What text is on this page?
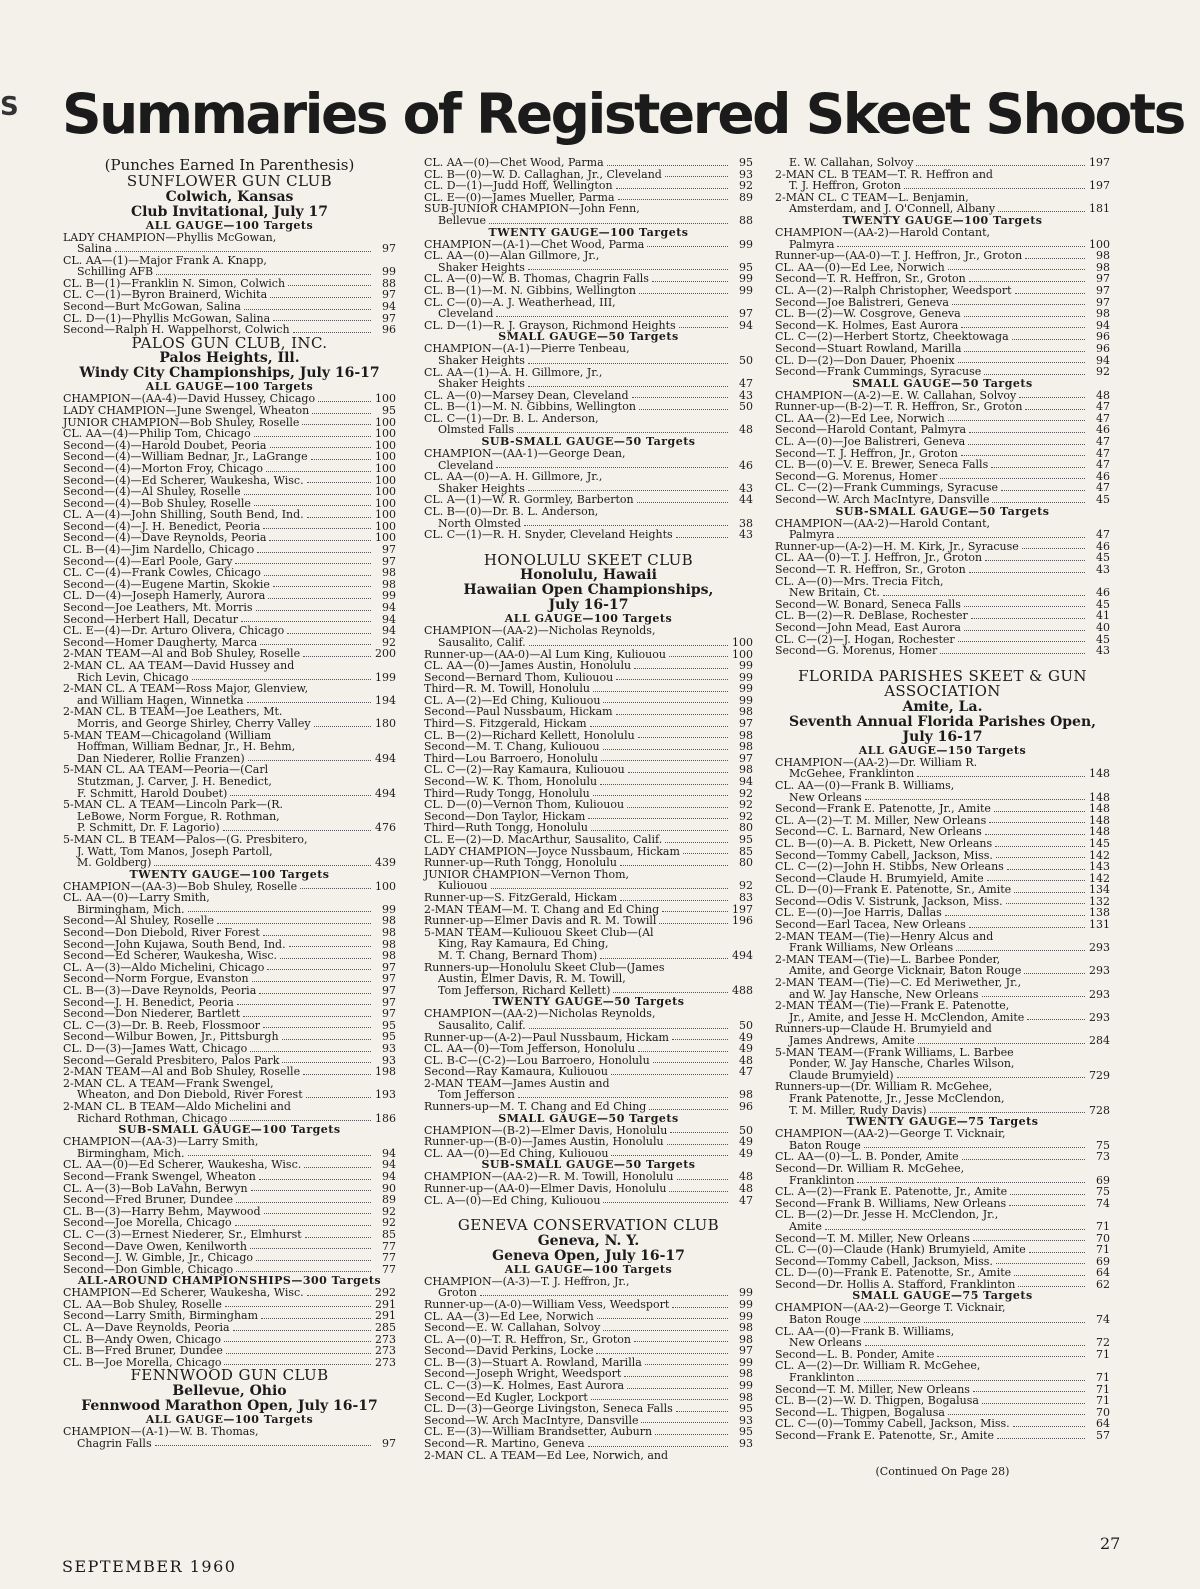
S Summaries of Registered Skeet Shoots
(Punches Earned In Parenthesis)
SUNFLOWER GUN CLUB
Colwich, Kansas
Club Invitational, July 17
ALL GAUGE—100 Targets
LADY CHAMPION—Phyllis McGowan,
Salina	97
CL. AA—(1)—Major Frank A. Knapp,
Schilling AFB	99
CL. B—(1)—Franklin N. Simon, Colwich	88
CL. C—(1)—Byron Brainerd, Wichita	97
Second—Burt McGowan, Salina	94
CL. D—(1)—Phyllis McGowan, Salina	97
Second—Ralph H. Wappelhorst, Colwich	96
PALOS GUN CLUB, INC.
Palos Heights, Ill.
Windy City Championships, July 16-17
ALL GAUGE—100 Targets
CHAMPION—(AA-4)—David Hussey, Chicago	100
LADY CHAMPION—June Swengel, Wheaton	95
JUNIOR CHAMPION—Bob Shuley, Roselle	100
CL. AA—(4)—Philip Tom, Chicago	100
Second—(4)—Harold Doubet, Peoria	100
Second—(4)—William Bednar, Jr., LaGrange	100
Second—(4)—Morton Froy, Chicago	100
Second—(4)—Ed Scherer, Waukesha, Wisc.	100
Second—(4)—Al Shuley, Roselle	100
Second—(4)—Bob Shuley, Roselle	100
CL. A—(4)—John Shilling, South Bend, Ind.	100
Second—(4)—J. H. Benedict, Peoria	100
Second—(4)—Dave Reynolds, Peoria	100
CL. B—(4)—Jim Nardello, Chicago	97
Second—(4)—Earl Poole, Gary	97
CL. C—(4)—Frank Cowles, Chicago	98
Second—(4)—Eugene Martin, Skokie	98
CL. D—(4)—Joseph Hamerly, Aurora	99
Second—Joe Leathers, Mt. Morris	94
Second—Herbert Hall, Decatur	94
CL. E—(4)—Dr. Arturo Olivera, Chicago	94
Second—Homer Daugherty, Marca	92
2-MAN TEAM—Al and Bob Shuley, Roselle	200
2-MAN CL. AA TEAM—David Hussey and
Rich Levin, Chicago	199
2-MAN CL. A TEAM—Ross Major, Glenview,
and William Hagen, Winnetka	194
2-MAN CL. B TEAM—Joe Leathers, Mt.
Morris, and George Shirley, Cherry Valley	180
5-MAN TEAM—Chicagoland (William
Hoffman, William Bednar, Jr., H. Behm,
Dan Niederer, Rollie Franzen)	494
5-MAN CL. AA TEAM—Peoria—(Carl
Stutzman, J. Carver, J. H. Benedict,
F. Schmitt, Harold Doubet)	494
5-MAN CL. A TEAM—Lincoln Park—(R.
LeBowe, Norm Forgue, R. Rothman,
P. Schmitt, Dr. F. Lagorio)	476
5-MAN CL. B TEAM—Palos—(G. Presbitero,
J. Watt, Tom Manos, Joseph Partoll,
M. Goldberg)	439
TWENTY GAUGE—100 Targets
CHAMPION—(AA-3)—Bob Shuley, Roselle	100
CL. AA—(0)—Larry Smith,
Birmingham, Mich.	99
Second—Al Shuley, Roselle	98
Second—Don Diebold, River Forest	98
Second—John Kujawa, South Bend, Ind.	98
Second—Ed Scherer, Waukesha, Wisc.	98
CL. A—(3)—Aldo Michelini, Chicago	97
Second—Norm Forgue, Evanston	97
CL. B—(3)—Dave Reynolds, Peoria	97
Second—J. H. Benedict, Peoria	97
Second—Don Niederer, Bartlett	97
CL. C—(3)—Dr. B. Reeb, Flossmoor	95
Second—Wilbur Bowen, Jr., Pittsburgh	95
CL. D—(3)—James Watt, Chicago	93
Second—Gerald Presbitero, Palos Park	93
2-MAN TEAM—Al and Bob Shuley, Roselle	198
2-MAN CL. A TEAM—Frank Swengel,
Wheaton, and Don Diebold, River Forest	193
2-MAN CL. B TEAM—Aldo Michelini and
Richard Rothman, Chicago	186
SUB-SMALL GAUGE—100 Targets
CHAMPION—(AA-3)—Larry Smith,
Birmingham, Mich.	94
CL. AA—(0)—Ed Scherer, Waukesha, Wisc.	94
Second—Frank Swengel, Wheaton	94
CL. A—(3)—Bob LaVahn, Berwyn	90
Second—Fred Bruner, Dundee	89
CL. B—(3)—Harry Behm, Maywood	92
Second—Joe Morella, Chicago	92
CL. C—(3)—Ernest Niederer, Sr., Elmhurst	85
Second—Dave Owen, Kenilworth	77
Second—J. W. Gimble, Jr., Chicago	77
Second—Don Gimble, Chicago	77
ALL-AROUND CHAMPIONSHIPS—300 Targets
CHAMPION—Ed Scherer, Waukesha, Wisc.	292
CL. AA—Bob Shuley, Roselle	291
Second—Larry Smith, Birmingham	291
CL. A—Dave Reynolds, Peoria	285
CL. B—Andy Owen, Chicago	273
CL. B—Fred Bruner, Dundee	273
CL. B—Joe Morella, Chicago	273
FENNWOOD GUN CLUB
Bellevue, Ohio
Fennwood Marathon Open, July 16-17
ALL GAUGE—100 Targets
CHAMPION—(A-1)—W. B. Thomas,
Chagrin Falls	97
CL. AA—(0)—Chet Wood, Parma	95
CL. B—(0)—W. D. Callaghan, Jr., Cleveland	93
CL. D—(1)—Judd Hoff, Wellington	92
CL. E—(0)—James Mueller, Parma	89
SUB-JUNIOR CHAMPION—John Fenn,
Bellevue	88
TWENTY GAUGE—100 Targets
CHAMPION—(A-1)—Chet Wood, Parma	99
CL. AA—(0)—Alan Gillmore, Jr.,
Shaker Heights	95
CL. A—(0)—W. B. Thomas, Chagrin Falls	99
CL. B—(1)—M. N. Gibbins, Wellington	99
CL. C—(0)—A. J. Weatherhead, III,
Cleveland	97
CL. D—(1)—R. J. Grayson, Richmond Heights	94
SMALL GAUGE—50 Targets
CHAMPION—(A-1)—Pierre Tenbeau,
Shaker Heights	50
CL. AA—(1)—A. H. Gillmore, Jr.,
Shaker Heights	47
CL. A—(0)—Marsey Dean, Cleveland	43
CL. B—(1)—M. N. Gibbins, Wellington	50
CL. C—(1)—Dr. B. L. Anderson,
Olmsted Falls	48
SUB-SMALL GAUGE—50 Targets
CHAMPION—(AA-1)—George Dean,
Cleveland	46
CL. AA—(0)—A. H. Gillmore, Jr.,
Shaker Heights	43
CL. A—(1)—W. R. Gormley, Barberton	44
CL. B—(0)—Dr. B. L. Anderson,
North Olmsted	38
CL. C—(1)—R. H. Snyder, Cleveland Heights	43
HONOLULU SKEET CLUB
Honolulu, Hawaii
Hawaiian Open Championships,
July 16-17
ALL GAUGE—100 Targets
CHAMPION—(AA-2)—Nicholas Reynolds,
Sausalito, Calif.	100
Runner-up—(AA-0)—Al Lum King, Kuliouou	100
CL. AA—(0)—James Austin, Honolulu	99
Second—Bernard Thom, Kuliouou	99
Third—R. M. Towill, Honolulu	99
CL. A—(2)—Ed Ching, Kuliouou	99
Second—Paul Nussbaum, Hickam	98
Third—S. Fitzgerald, Hickam	97
CL. B—(2)—Richard Kellett, Honolulu	98
Second—M. T. Chang, Kuliouou	98
Third—Lou Barroero, Honolulu	97
CL. C—(2)—Ray Kamaura, Kuliouou	98
Second—W. K. Thom, Honolulu	94
Third—Rudy Tongg, Honolulu	92
CL. D—(0)—Vernon Thom, Kuliouou	92
Second—Don Taylor, Hickam	92
Third—Ruth Tongg, Honolulu	80
CL. E—(2)—D. MacArthur, Sausalito, Calif.	95
LADY CHAMPION—Joyce Nussbaum, Hickam	85
Runner-up—Ruth Tongg, Honolulu	80
JUNIOR CHAMPION—Vernon Thom,
Kuliouou	92
Runner-up—S. FitzGerald, Hickam	83
2-MAN TEAM—M. T. Chang and Ed Ching	197
Runner-up—Elmer Davis and R. M. Towill	196
5-MAN TEAM—Kuliouou Skeet Club—(Al
King, Ray Kamaura, Ed Ching,
M. T. Chang, Bernard Thom)	494
Runners-up—Honolulu Skeet Club—(James
Austin, Elmer Davis, R. M. Towill,
Tom Jefferson, Richard Kellett)	488
TWENTY GAUGE—50 Targets
CHAMPION—(AA-2)—Nicholas Reynolds,
Sausalito, Calif.	50
Runner-up—(A-2)—Paul Nussbaum, Hickam	49
CL. AA—(0)—Tom Jefferson, Honolulu	49
CL. B-C—(C-2)—Lou Barroero, Honolulu	48
Second—Ray Kamaura, Kuliouou	47
2-MAN TEAM—James Austin and
Tom Jefferson	98
Runners-up—M. T. Chang and Ed Ching	96
SMALL GAUGE—50 Targets
CHAMPION—(B-2)—Elmer Davis, Honolulu	50
Runner-up—(B-0)—James Austin, Honolulu	49
CL. AA—(0)—Ed Ching, Kuliouou	49
SUB-SMALL GAUGE—50 Targets
CHAMPION—(AA-2)—R. M. Towill, Honolulu	48
Runner-up—(AA-0)—Elmer Davis, Honolulu	48
CL. A—(0)—Ed Ching, Kuliouou	47
GENEVA CONSERVATION CLUB
Geneva, N. Y.
Geneva Open, July 16-17
ALL GAUGE—100 Targets
CHAMPION—(A-3)—T. J. Heffron, Jr.,
Groton	99
Runner-up—(A-0)—William Vess, Weedsport	99
CL. AA—(3)—Ed Lee, Norwich	99
Second—E. W. Callahan, Solvoy	98
CL. A—(0)—T. R. Heffron, Sr., Groton	98
Second—David Perkins, Locke	97
CL. B—(3)—Stuart A. Rowland, Marilla	99
Second—Joseph Wright, Weedsport	98
CL. C—(3)—K. Holmes, East Aurora	99
Second—Ed Kugler, Lockport	98
CL. D—(3)—George Livingston, Seneca Falls	95
Second—W. Arch MacIntyre, Dansville	93
CL. E—(3)—William Brandsetter, Auburn	95
Second—R. Martino, Geneva	93
2-MAN CL. A TEAM—Ed Lee, Norwich, and
E. W. Callahan, Solvoy	197
2-MAN CL. B TEAM—T. R. Heffron and
T. J. Heffron, Groton	197
2-MAN CL. C TEAM—L. Benjamin,
Amsterdam, and J. O'Connell, Albany	181
TWENTY GAUGE—100 Targets
CHAMPION—(AA-2)—Harold Contant,
Palmyra	100
Runner-up—(AA-0)—T. J. Heffron, Jr., Groton	98
CL. AA—(0)—Ed Lee, Norwich	98
Second—T. R. Heffron, Sr., Groton	97
CL. A—(2)—Ralph Christopher, Weedsport	97
Second—Joe Balistreri, Geneva	97
CL. B—(2)—W. Cosgrove, Geneva	98
Second—K. Holmes, East Aurora	94
CL. C—(2)—Herbert Stortz, Cheektowaga	96
Second—Stuart Rowland, Marilla	96
CL. D—(2)—Don Dauer, Phoenix	94
Second—Frank Cummings, Syracuse	92
SMALL GAUGE—50 Targets
CHAMPION—(A-2)—E. W. Callahan, Solvoy	48
Runner-up—(B-2)—T. R. Heffron, Sr., Groton	47
CL. AA—(2)—Ed Lee, Norwich	47
Second—Harold Contant, Palmyra	46
CL. A—(0)—Joe Balistreri, Geneva	47
Second—T. J. Heffron, Jr., Groton	47
CL. B—(0)—V. E. Brewer, Seneca Falls	47
Second—G. Morenus, Homer	46
CL. C—(2)—Frank Cummings, Syracuse	47
Second—W. Arch MacIntyre, Dansville	45
SUB-SMALL GAUGE—50 Targets
CHAMPION—(AA-2)—Harold Contant,
Palmyra	47
Runner-up—(A-2)—H. M. Kirk, Jr., Syracuse	46
CL. AA—(0)—T. J. Heffron, Jr., Groton	45
Second—T. R. Heffron, Sr., Groton	43
CL. A—(0)—Mrs. Trecia Fitch,
New Britain, Ct.	46
Second—W. Bonard, Seneca Falls	45
CL. B—(2)—R. DeBlase, Rochester	41
Second—John Mead, East Aurora	40
CL. C—(2)—J. Hogan, Rochester	45
Second—G. Morenus, Homer	43
FLORIDA PARISHES SKEET & GUN
ASSOCIATION
Amite, La.
Seventh Annual Florida Parishes Open,
July 16-17
ALL GAUGE—150 Targets
CHAMPION—(AA-2)—Dr. William R.
McGehee, Franklinton	148
CL. AA—(0)—Frank B. Williams,
New Orleans	148
Second—Frank E. Patenotte, Jr., Amite	148
CL. A—(2)—T. M. Miller, New Orleans	148
Second—C. L. Barnard, New Orleans	148
CL. B—(0)—A. B. Pickett, New Orleans	145
Second—Tommy Cabell, Jackson, Miss.	142
CL. C—(2)—John H. Stibbs, New Orleans	143
Second—Claude H. Brumyield, Amite	142
CL. D—(0)—Frank E. Patenotte, Sr., Amite	134
Second—Odis V. Sistrunk, Jackson, Miss.	132
CL. E—(0)—Joe Harris, Dallas	138
Second—Earl Tacea, New Orleans	131
2-MAN TEAM—(Tie)—Henry Alcus and
Frank Williams, New Orleans	293
2-MAN TEAM—(Tie)—L. Barbee Ponder,
Amite, and George Vicknair, Baton Rouge	293
2-MAN TEAM—(Tie)—C. Ed Meriwether, Jr.,
and W. Jay Hansche, New Orleans	293
2-MAN TEAM—(Tie)—Frank E. Patenotte,
Jr., Amite, and Jesse H. McClendon, Amite	293
Runners-up—Claude H. Brumyield and
James Andrews, Amite	284
5-MAN TEAM—(Frank Williams, L. Barbee
Ponder, W. Jay Hansche, Charles Wilson,
Claude Brumyield)	729
Runners-up—(Dr. William R. McGehee,
Frank Patenotte, Jr., Jesse McClendon,
T. M. Miller, Rudy Davis)	728
TWENTY GAUGE—75 Targets
CHAMPION—(AA-2)—George T. Vicknair,
Baton Rouge	75
CL. AA—(0)—L. B. Ponder, Amite	73
Second—Dr. William R. McGehee,
Franklinton	69
CL. A—(2)—Frank E. Patenotte, Jr., Amite	75
Second—Frank B. Williams, New Orleans	74
CL. B—(2)—Dr. Jesse H. McClendon, Jr.,
Amite	71
Second—T. M. Miller, New Orleans	70
CL. C—(0)—Claude (Hank) Brumyield, Amite	71
Second—Tommy Cabell, Jackson, Miss.	69
CL. D—(0)—Frank E. Patenotte, Sr., Amite	64
Second—Dr. Hollis A. Stafford, Franklinton	62
SMALL GAUGE—75 Targets
CHAMPION—(AA-2)—George T. Vicknair,
Baton Rouge	74
CL. AA—(0)—Frank B. Williams,
New Orleans	72
Second—L. B. Ponder, Amite	71
CL. A—(2)—Dr. William R. McGehee,
Franklinton	71
Second—T. M. Miller, New Orleans	71
CL. B—(2)—W. D. Thigpen, Bogalusa	71
Second—L. Thigpen, Bogalusa	70
CL. C—(0)—Tommy Cabell, Jackson, Miss.	64
Second—Frank E. Patenotte, Sr., Amite	57
(Continued On Page 28)
SEPTEMBER 1960
27
